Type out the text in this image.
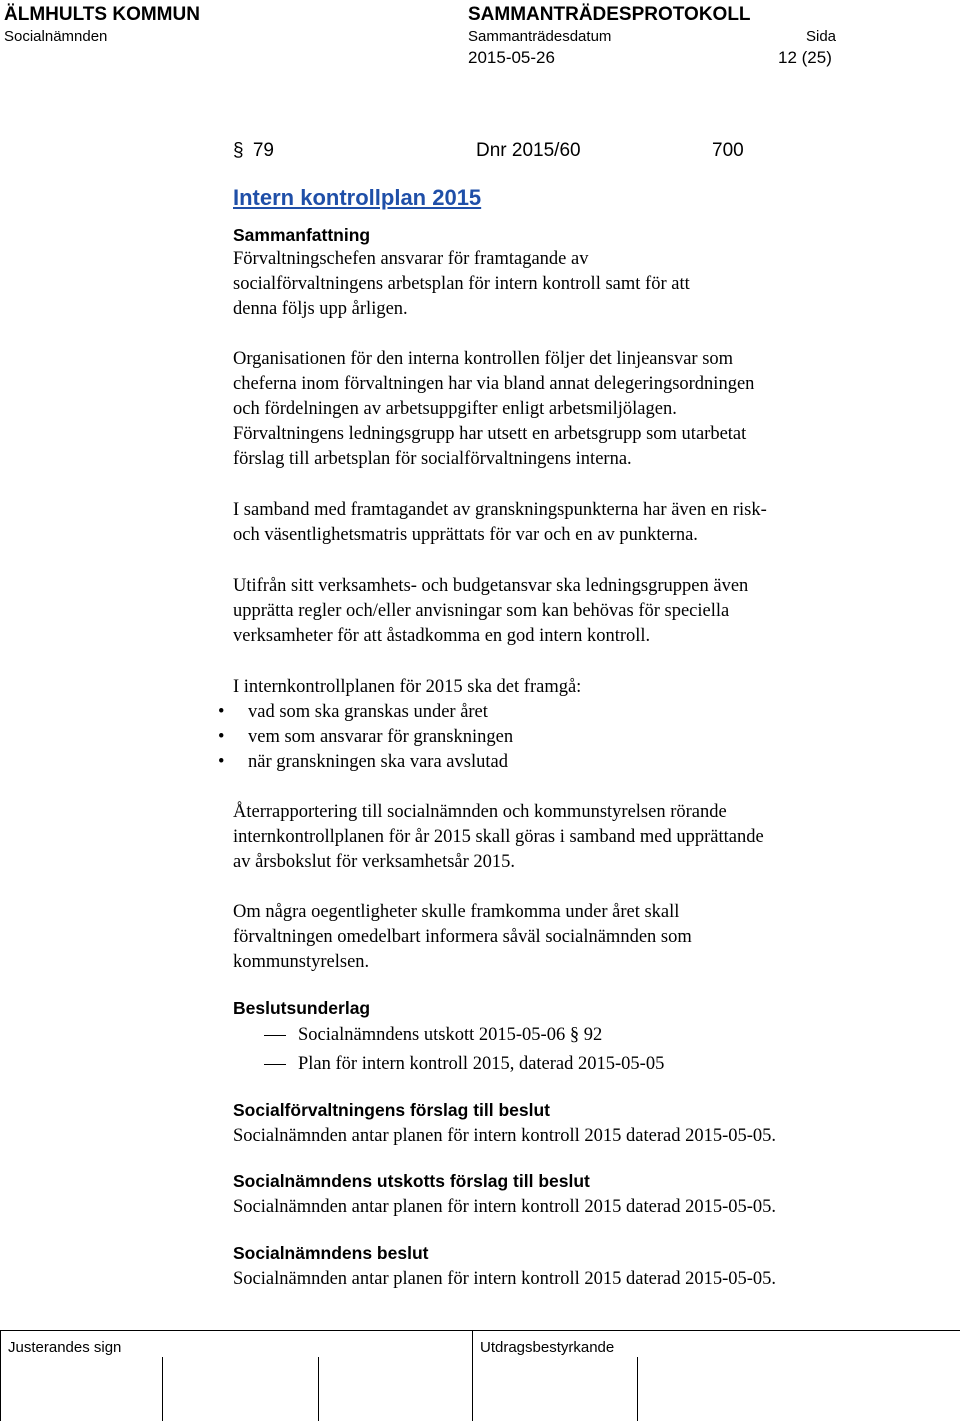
ÄLMHULTS KOMMUN	SAMMANTRÄDESPROTOKOLL
Socialnämnden	Sammanträdesdatum	Sida
2015-05-26	12 (25)
§ 79	Dnr 2015/60	700
Intern kontrollplan 2015
Sammanfattning
Förvaltningschefen ansvarar för framtagande av
socialförvaltningens arbetsplan för intern kontroll samt för att
denna följs upp årligen.
Organisationen för den interna kontrollen följer det linjeansvar som
cheferna inom förvaltningen har via bland annat delegeringsordningen
och fördelningen av arbetsuppgifter enligt arbetsmiljölagen.
Förvaltningens ledningsgrupp har utsett en arbetsgrupp som utarbetat
förslag till arbetsplan för socialförvaltningens interna.
I samband med framtagandet av granskningspunkterna har även en risk-
och väsentlighetsmatris upprättats för var och en av punkterna.
Utifrån sitt verksamhets- och budgetansvar ska ledningsgruppen även
upprätta regler och/eller anvisningar som kan behövas för speciella
verksamheter för att åstadkomma en god intern kontroll.
I internkontrollplanen för 2015 ska det framgå:
• vad som ska granskas under året
• vem som ansvarar för granskningen
• när granskningen ska vara avslutad
Återrapportering till socialnämnden och kommunstyrelsen rörande
internkontrollplanen för år 2015 skall göras i samband med upprättande
av årsbokslut för verksamhetsår 2015.
Om några oegentligheter skulle framkomma under året skall
förvaltningen omedelbart informera såväl socialnämnden som
kommunstyrelsen.
Beslutsunderlag
Socialnämndens utskott 2015-05-06 § 92
Plan för intern kontroll 2015, daterad 2015-05-05
Socialförvaltningens förslag till beslut
Socialnämnden antar planen för intern kontroll 2015 daterad 2015-05-05.
Socialnämndens utskotts förslag till beslut
Socialnämnden antar planen för intern kontroll 2015 daterad 2015-05-05.
Socialnämndens beslut
Socialnämnden antar planen för intern kontroll 2015 daterad 2015-05-05.
Justerandes sign	Utdragsbestyrkande
